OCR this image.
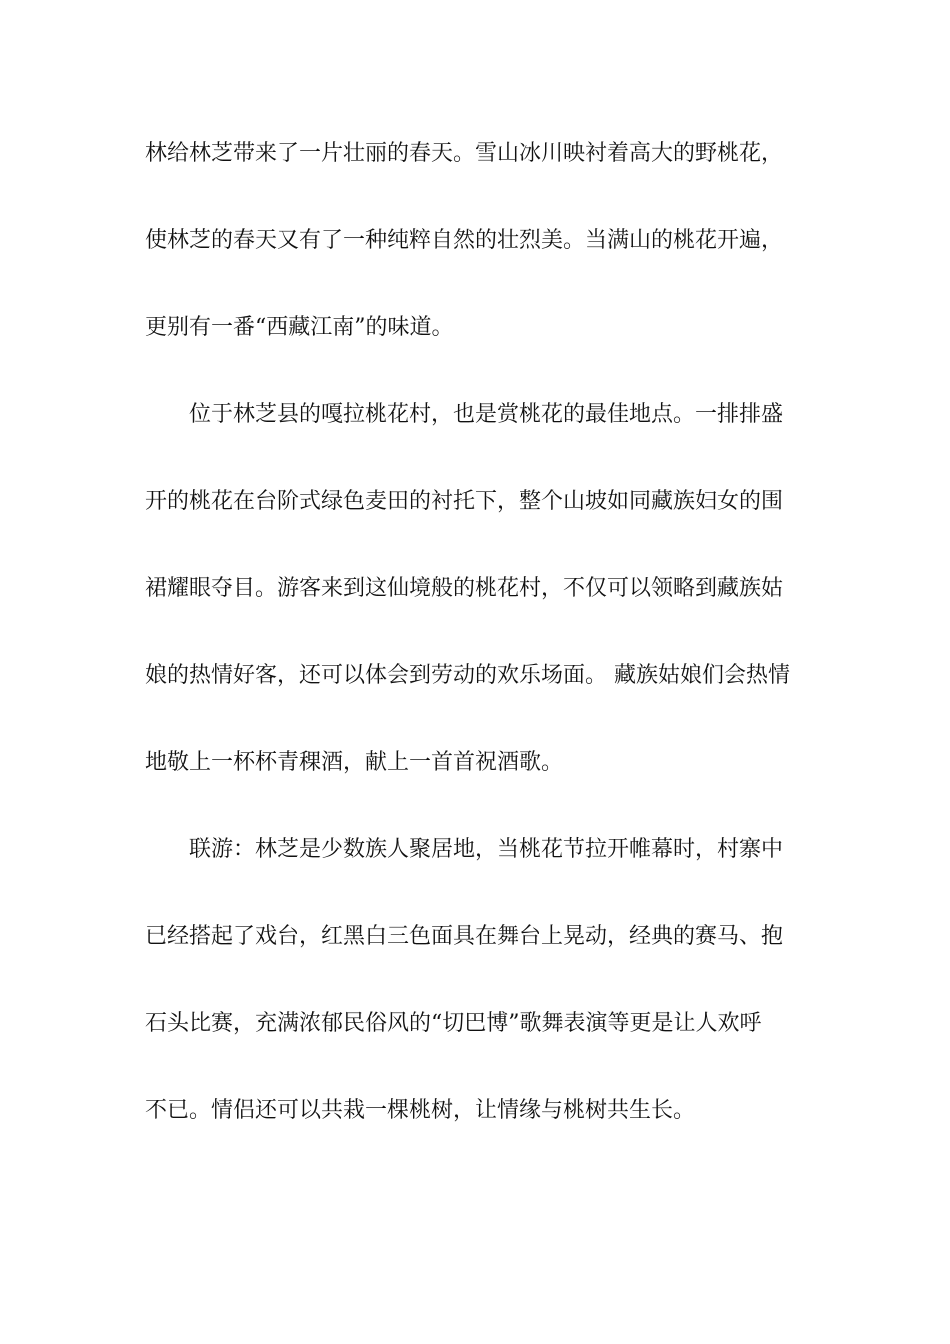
林给林芝带来了一片壮丽的春天。雪山冰川映衬着高大的野桃花，
使林芝的春天又有了一种纯粹自然的壮烈美。当满山的桃花开遍，
更别有一番“西藏江南”的味道。
位于林芝县的嘎拉桃花村，也是赏桃花的最佳地点。一排排盛
开的桃花在台阶式绿色麦田的衬托下，整个山坡如同藏族妇女的围
裙耀眼夺目。游客来到这仙境般的桃花村，不仅可以领略到藏族姑
娘的热情好客，还可以体会到劳动的欢乐场面。 藏族姑娘们会热情
地敬上一杯杯青稞酒，献上一首首祝酒歌。
联游：林芝是少数族人聚居地，当桃花节拉开帷幕时，村寨中
已经搭起了戏台，红黑白三色面具在舞台上晃动，经典的赛马、抱
石头比赛，充满浓郁民俗风的“切巴博”歌舞表演等更是让人欢呼
不已。情侣还可以共栽一棵桃树，让情缘与桃树共生长。
